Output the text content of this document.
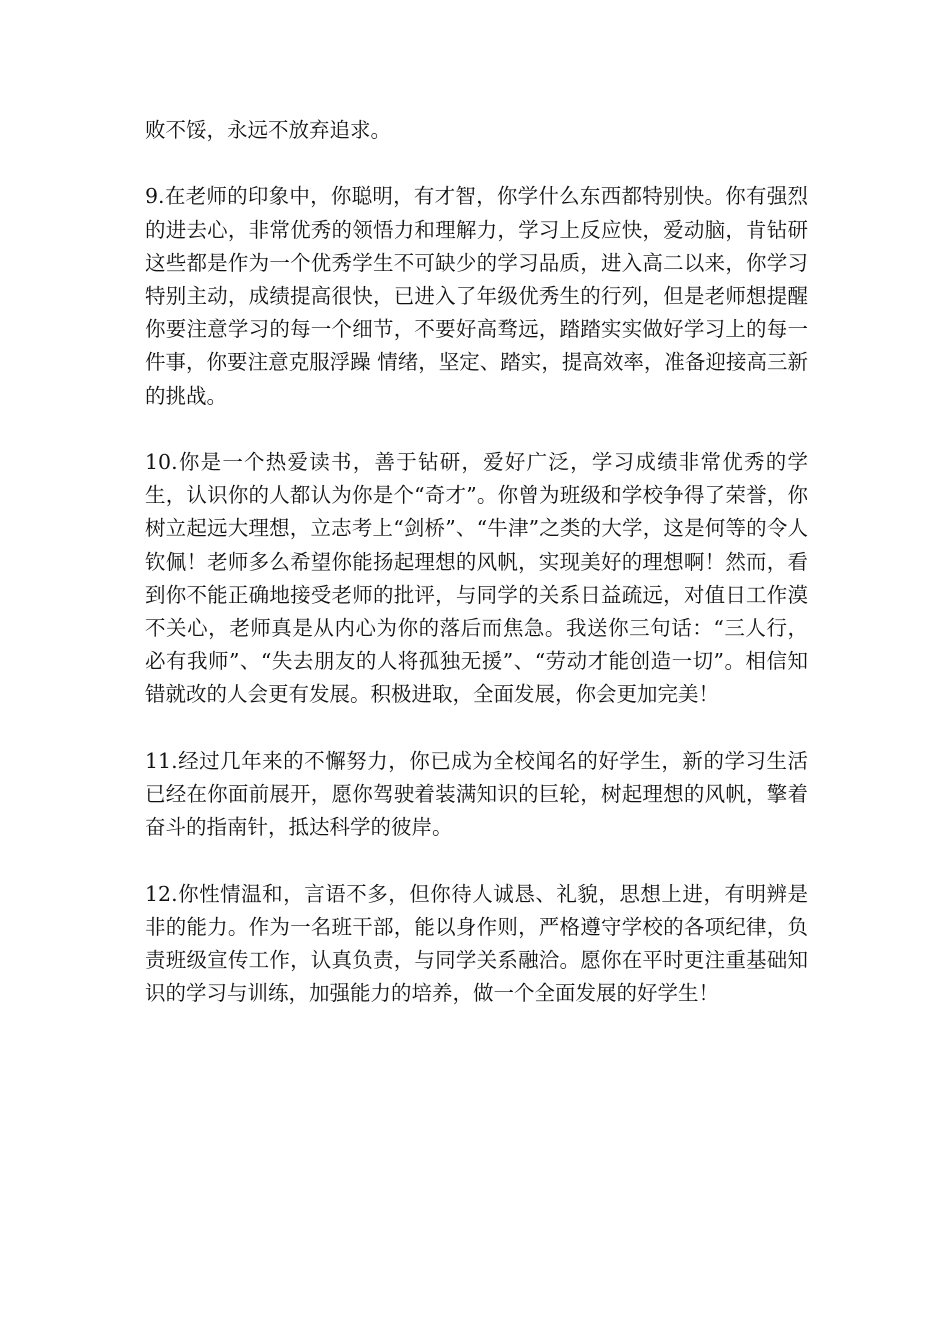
败不馁，永远不放弃追求。

9.在老师的印象中，你聪明，有才智，你学什么东西都特别快。你有强烈的进去心，非常优秀的领悟力和理解力，学习上反应快，爱动脑，肯钻研这些都是作为一个优秀学生不可缺少的学习品质，进入高二以来，你学习特别主动，成绩提高很快，已进入了年级优秀生的行列，但是老师想提醒你要注意学习的每一个细节，不要好高骛远，踏踏实实做好学习上的每一件事，你要注意克服浮躁 情绪，坚定、踏实，提高效率，准备迎接高三新的挑战。

10.你是一个热爱读书，善于钻研，爱好广泛，学习成绩非常优秀的学生，认识你的人都认为你是个“奇才”。你曾为班级和学校争得了荣誉，你树立起远大理想，立志考上“剑桥”、“牛津”之类的大学，这是何等的令人钦佩！老师多么希望你能扬起理想的风帆，实现美好的理想啊！然而，看到你不能正确地接受老师的批评，与同学的关系日益疏远，对值日工作漠不关心，老师真是从内心为你的落后而焦急。我送你三句话：“三人行，必有我师”、“失去朋友的人将孤独无援”、“劳动才能创造一切”。相信知错就改的人会更有发展。积极进取，全面发展，你会更加完美！

11.经过几年来的不懈努力，你已成为全校闻名的好学生，新的学习生活已经在你面前展开，愿你驾驶着装满知识的巨轮，树起理想的风帆，擎着奋斗的指南针，抵达科学的彼岸。

12.你性情温和，言语不多，但你待人诚恳、礼貌，思想上进，有明辨是非的能力。作为一名班干部，能以身作则，严格遵守学校的各项纪律，负责班级宣传工作，认真负责，与同学关系融洽。愿你在平时更注重基础知识的学习与训练，加强能力的培养，做一个全面发展的好学生！
